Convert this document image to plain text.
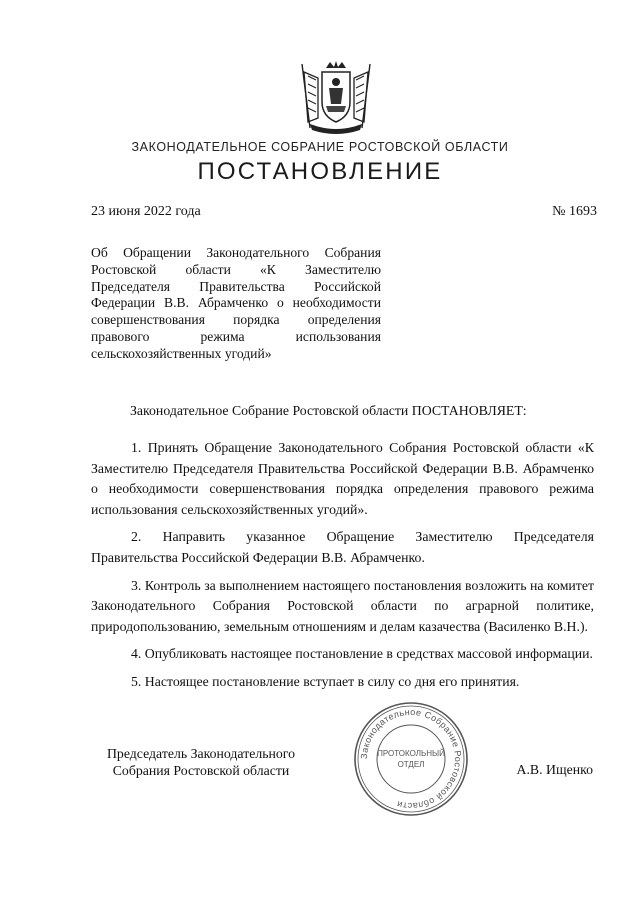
ЗАКОНОДАТЕЛЬНОЕ СОБРАНИЕ РОСТОВСКОЙ ОБЛАСТИ
ПОСТАНОВЛЕНИЕ
23 июня 2022 года	№ 1693
Об Обращении Законодательного Собрания Ростовской области «К Заместителю Председателя Правительства Российской Федерации В.В. Абрамченко о необходимости совершенствования порядка определения правового режима использования сельскохозяйственных угодий»
Законодательное Собрание Ростовской области ПОСТАНОВЛЯЕТ:

1. Принять Обращение Законодательного Собрания Ростовской области «К Заместителю Председателя Правительства Российской Федерации В.В. Абрамченко о необходимости совершенствования порядка определения правового режима использования сельскохозяйственных угодий».

2. Направить указанное Обращение Заместителю Председателя Правительства Российской Федерации В.В. Абрамченко.

3. Контроль за выполнением настоящего постановления возложить на комитет Законодательного Собрания Ростовской области по аграрной политике, природопользованию, земельным отношениям и делам казачества (Василенко В.Н.).

4. Опубликовать настоящее постановление в средствах массовой информации.

5. Настоящее постановление вступает в силу со дня его принятия.

Председатель Законодательного
Собрания Ростовской области
Законодательное Собрание Ростовской области
ПРОТОКОЛЬНЫЙ
ОТДЕЛ	А.В. Ищенко
